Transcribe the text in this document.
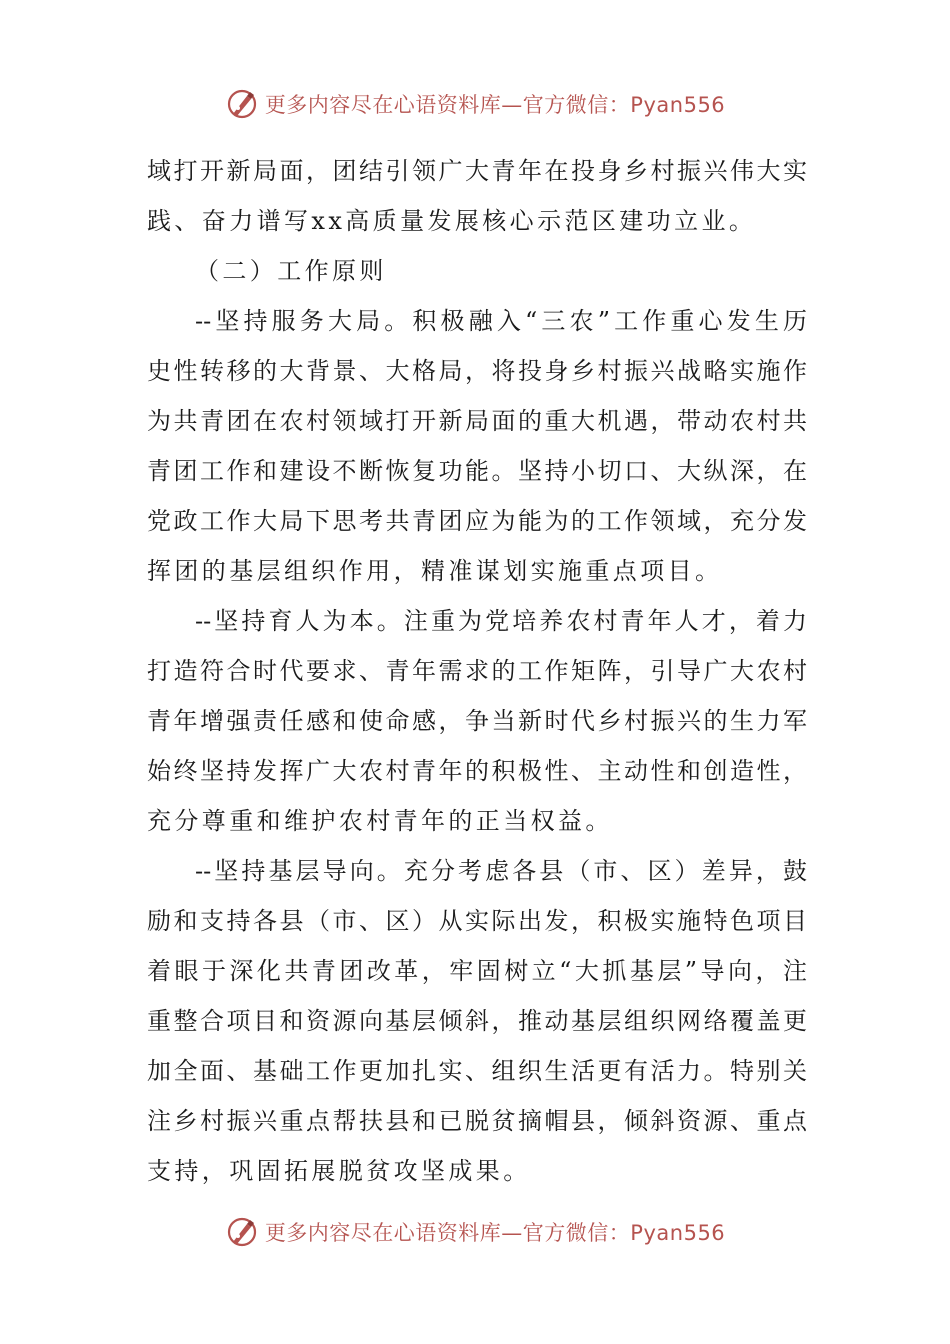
更多内容尽在心语资料库—官方微信：Pyan556
域打开新局面，团结引领广大青年在投身乡村振兴伟大实
践、奋力谱写xx高质量发展核心示范区建功立业。
（二）工作原则
--坚持服务大局。积极融入“三农”工作重心发生历
史性转移的大背景、大格局，将投身乡村振兴战略实施作
为共青团在农村领域打开新局面的重大机遇，带动农村共
青团工作和建设不断恢复功能。坚持小切口、大纵深，在
党政工作大局下思考共青团应为能为的工作领域，充分发
挥团的基层组织作用，精准谋划实施重点项目。
--坚持育人为本。注重为党培养农村青年人才，着力
打造符合时代要求、青年需求的工作矩阵，引导广大农村
青年增强责任感和使命感，争当新时代乡村振兴的生力军
始终坚持发挥广大农村青年的积极性、主动性和创造性，
充分尊重和维护农村青年的正当权益。
--坚持基层导向。充分考虑各县（市、区）差异，鼓
励和支持各县（市、区）从实际出发，积极实施特色项目
着眼于深化共青团改革，牢固树立“大抓基层”导向，注
重整合项目和资源向基层倾斜，推动基层组织网络覆盖更
加全面、基础工作更加扎实、组织生活更有活力。特别关
注乡村振兴重点帮扶县和已脱贫摘帽县，倾斜资源、重点
支持，巩固拓展脱贫攻坚成果。
更多内容尽在心语资料库—官方微信：Pyan556
